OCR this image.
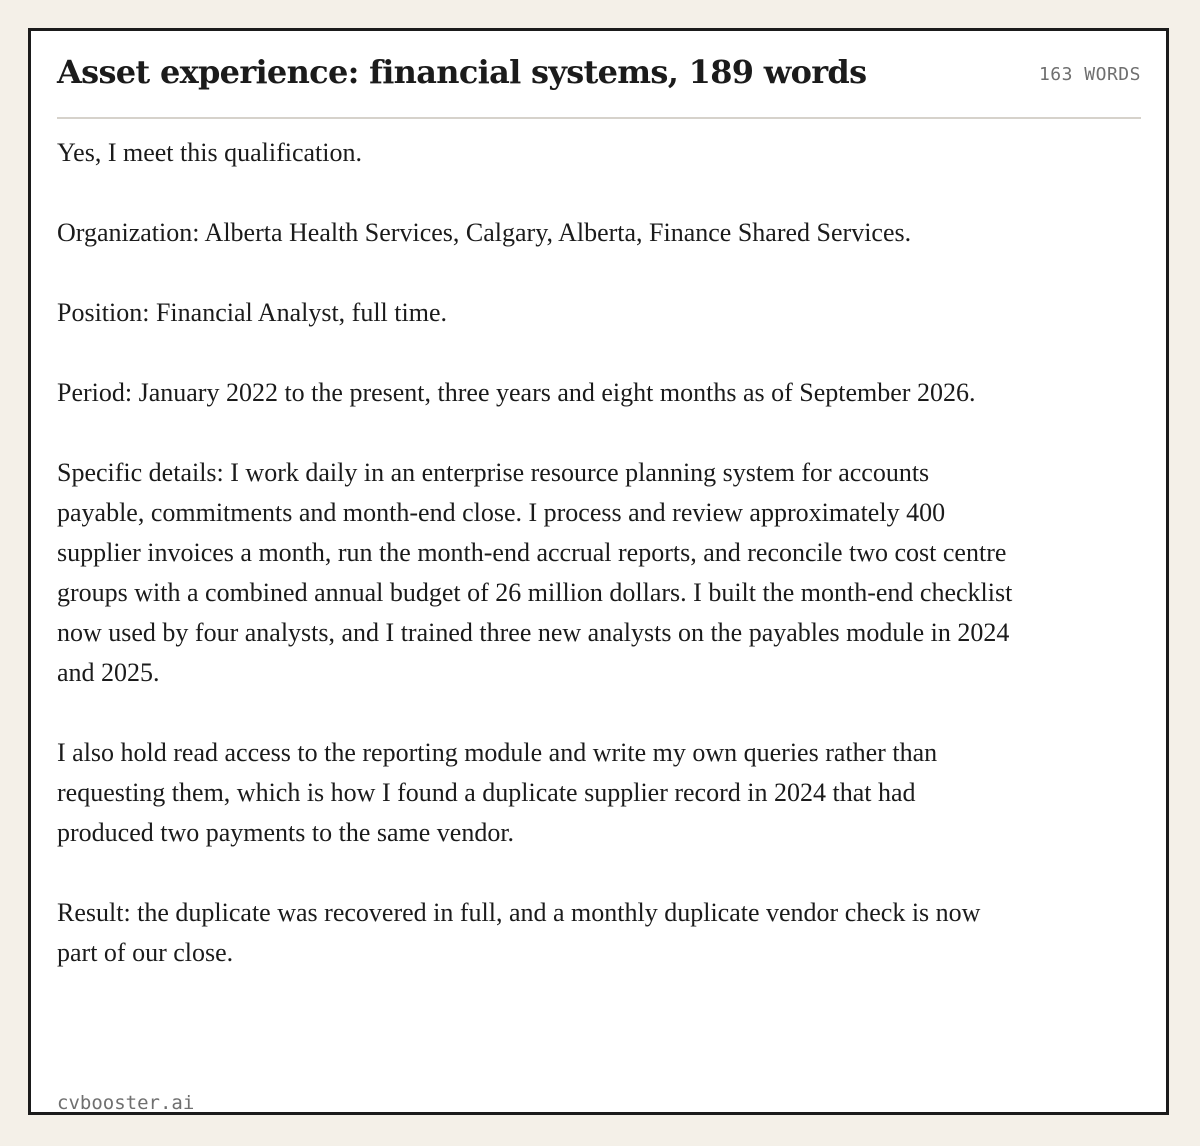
Asset experience: financial systems, 189 words	163 WORDS

Yes, I meet this qualification.

Organization: Alberta Health Services, Calgary, Alberta, Finance Shared Services.

Position: Financial Analyst, full time.

Period: January 2022 to the present, three years and eight months as of September 2026.

Specific details: I work daily in an enterprise resource planning system for accounts payable, commitments and month-end close. I process and review approximately 400 supplier invoices a month, run the month-end accrual reports, and reconcile two cost centre groups with a combined annual budget of 26 million dollars. I built the month-end checklist now used by four analysts, and I trained three new analysts on the payables module in 2024 and 2025.

I also hold read access to the reporting module and write my own queries rather than requesting them, which is how I found a duplicate supplier record in 2024 that had produced two payments to the same vendor.

Result: the duplicate was recovered in full, and a monthly duplicate vendor check is now part of our close.

cvbooster.ai
